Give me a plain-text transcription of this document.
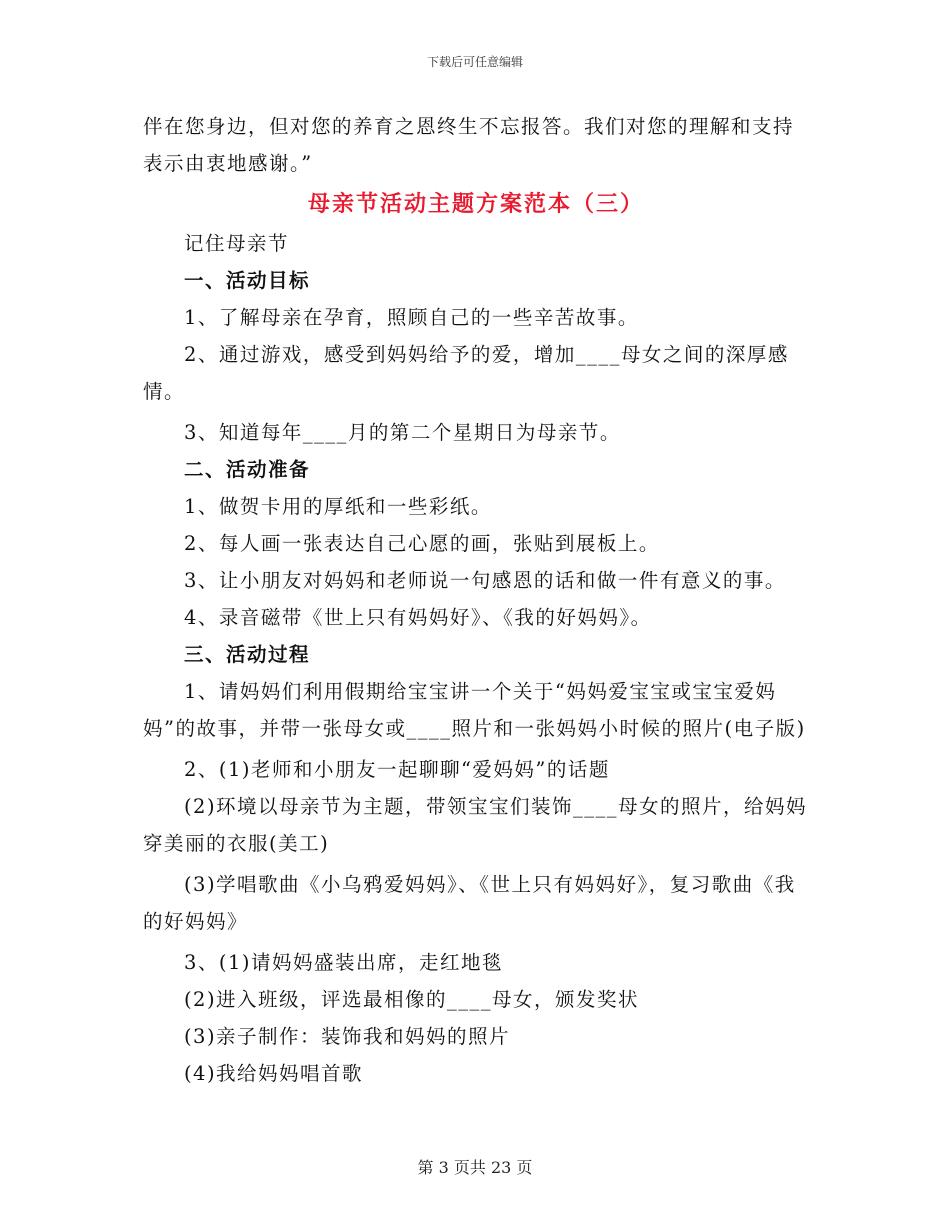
下载后可任意编辑

伴在您身边，但对您的养育之恩终生不忘报答。我们对您的理解和支持表示由衷地感谢。”

母亲节活动主题方案范本（三）

记住母亲节

一、活动目标

1、了解母亲在孕育，照顾自己的一些辛苦故事。

2、通过游戏，感受到妈妈给予的爱，增加____母女之间的深厚感情。

3、知道每年____月的第二个星期日为母亲节。

二、活动准备

1、做贺卡用的厚纸和一些彩纸。

2、每人画一张表达自己心愿的画，张贴到展板上。

3、让小朋友对妈妈和老师说一句感恩的话和做一件有意义的事。

4、录音磁带《世上只有妈妈好》、《我的好妈妈》。

三、活动过程

1、请妈妈们利用假期给宝宝讲一个关于“妈妈爱宝宝或宝宝爱妈妈”的故事，并带一张母女或____照片和一张妈妈小时候的照片(电子版)

2、(1)老师和小朋友一起聊聊“爱妈妈”的话题

(2)环境以母亲节为主题，带领宝宝们装饰____母女的照片，给妈妈穿美丽的衣服(美工)

(3)学唱歌曲《小乌鸦爱妈妈》、《世上只有妈妈好》，复习歌曲《我的好妈妈》

3、(1)请妈妈盛装出席，走红地毯

(2)进入班级，评选最相像的____母女，颁发奖状

(3)亲子制作：装饰我和妈妈的照片

(4)我给妈妈唱首歌

第 3 页共 23 页
